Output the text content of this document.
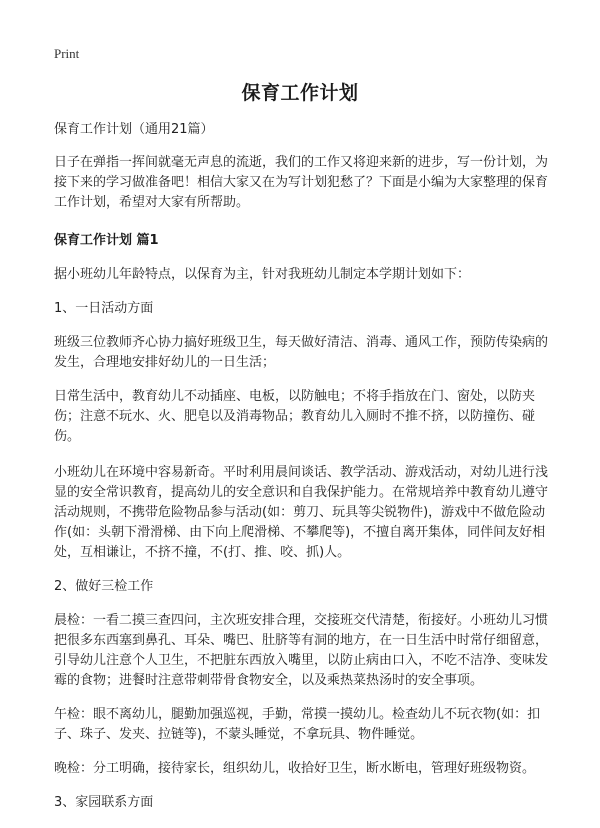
Print
保育工作计划

保育工作计划（通用21篇）

日子在弹指一挥间就毫无声息的流逝，我们的工作又将迎来新的进步，写一份计划，为接下来的学习做准备吧！相信大家又在为写计划犯愁了？下面是小编为大家整理的保育工作计划，希望对大家有所帮助。

保育工作计划 篇1

据小班幼儿年龄特点，以保育为主，针对我班幼儿制定本学期计划如下：

1、一日活动方面

班级三位教师齐心协力搞好班级卫生，每天做好清洁、消毒、通风工作，预防传染病的发生，合理地安排好幼儿的一日生活；

日常生活中，教育幼儿不动插座、电板，以防触电；不将手指放在门、窗处，以防夹伤；注意不玩水、火、肥皂以及消毒物品；教育幼儿入厕时不推不挤，以防撞伤、碰伤。

小班幼儿在环境中容易新奇。平时利用晨间谈话、教学活动、游戏活动，对幼儿进行浅显的安全常识教育，提高幼儿的安全意识和自我保护能力。在常规培养中教育幼儿遵守活动规则，不携带危险物品参与活动(如：剪刀、玩具等尖锐物件)，游戏中不做危险动作(如：头朝下滑滑梯、由下向上爬滑梯、不攀爬等)，不擅自离开集体，同伴间友好相处，互相谦让，不挤不撞，不(打、推、咬、抓)人。

2、做好三检工作

晨检：一看二摸三查四问，主次班安排合理，交接班交代清楚，衔接好。小班幼儿习惯把很多东西塞到鼻孔、耳朵、嘴巴、肚脐等有洞的地方，在一日生活中时常仔细留意，引导幼儿注意个人卫生，不把脏东西放入嘴里，以防止病由口入，不吃不洁净、变味发霉的食物；进餐时注意带刺带骨食物安全，以及乘热菜热汤时的安全事项。

午检：眼不离幼儿，腿勤加强巡视，手勤，常摸一摸幼儿。检查幼儿不玩衣物(如：扣子、珠子、发夹、拉链等)，不蒙头睡觉，不拿玩具、物件睡觉。

晚检：分工明确，接待家长，组织幼儿，收拾好卫生，断水断电，管理好班级物资。

3、家园联系方面
